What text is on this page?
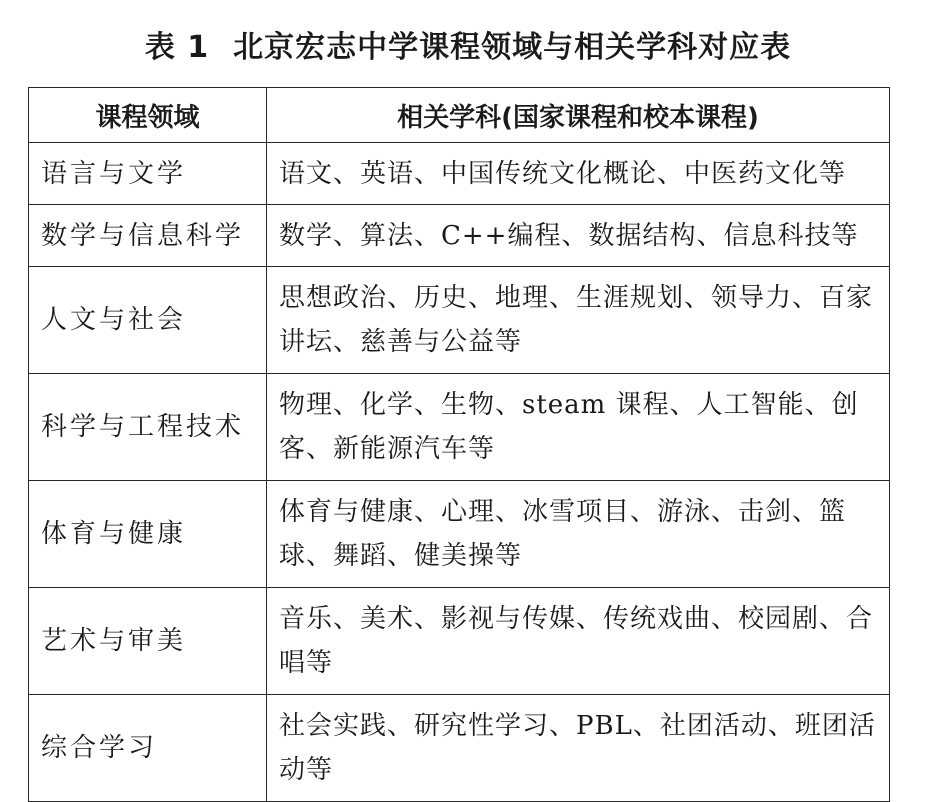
表 1 北京宏志中学课程领域与相关学科对应表
课程领域	相关学科(国家课程和校本课程)
语言与文学	语文、英语、中国传统文化概论、中医药文化等
数学与信息科学	数学、算法、C++编程、数据结构、信息科技等
人文与社会	思想政治、历史、地理、生涯规划、领导力、百家讲坛、慈善与公益等
科学与工程技术	物理、化学、生物、steam 课程、人工智能、创客、新能源汽车等
体育与健康	体育与健康、心理、冰雪项目、游泳、击剑、篮球、舞蹈、健美操等
艺术与审美	音乐、美术、影视与传媒、传统戏曲、校园剧、合唱等
综合学习	社会实践、研究性学习、PBL、社团活动、班团活动等
